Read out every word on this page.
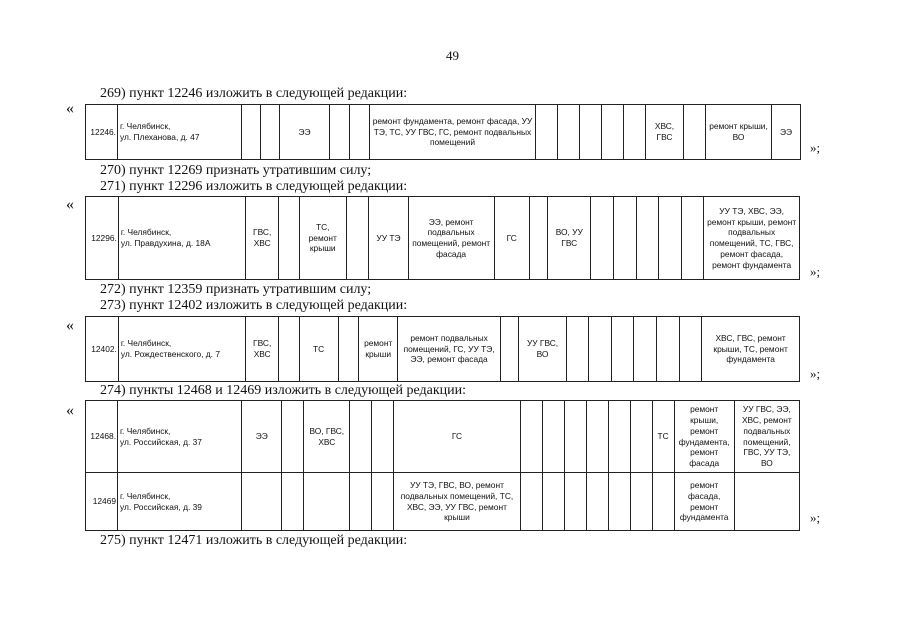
49
269) пункт 12246 изложить в следующей редакции:
«
12246.	г. Челябинск,
ул. Плеханова, д. 47			ЭЭ			ремонт фундамента, ремонт фасада, УУ ТЭ, ТС, УУ ГВС, ГС, ремонт подвальных помещений						ХВС, ГВС		ремонт крыши, ВО	ЭЭ
»;
270) пункт 12269 признать утратившим силу;
271) пункт 12296 изложить в следующей редакции:
«
12296.	г. Челябинск,
ул. Правдухина, д. 18А	ГВС, ХВС		ТС, ремонт крыши		УУ ТЭ	ЭЭ, ремонт подвальных помещений, ремонт фасада	ГС		ВО, УУ ГВС						УУ ТЭ, ХВС, ЭЭ, ремонт крыши, ремонт подвальных помещений, ТС, ГВС, ремонт фасада, ремонт фундамента »;
272) пункт 12359 признать утратившим силу;
273) пункт 12402 изложить в следующей редакции:
«
12402.	г. Челябинск,
ул. Рождественского, д. 7	ГВС, ХВС		ТС		ремонт крыши	ремонт подвальных помещений, ГС, УУ ТЭ, ЭЭ, ремонт фасада		УУ ГВС, ВО							ХВС, ГВС, ремонт крыши, ТС, ремонт фундамента
»;
274) пункты 12468 и 12469 изложить в следующей редакции:
«
12468.	г. Челябинск,
ул. Российская, д. 37	ЭЭ		ВО, ГВС, ХВС			ГС							ТС	ремонт крыши, ремонт фундамента, ремонт фасада	УУ ГВС, ЭЭ, ХВС, ремонт подвальных помещений, ГВС, УУ ТЭ, ВО
12469	г. Челябинск,
ул. Российская, д. 39						УУ ТЭ, ГВС, ВО, ремонт подвальных помещений, ТС, ХВС, ЭЭ, УУ ГВС, ремонт крыши								ремонт фасада, ремонт фундамента		»;
275) пункт 12471 изложить в следующей редакции:
